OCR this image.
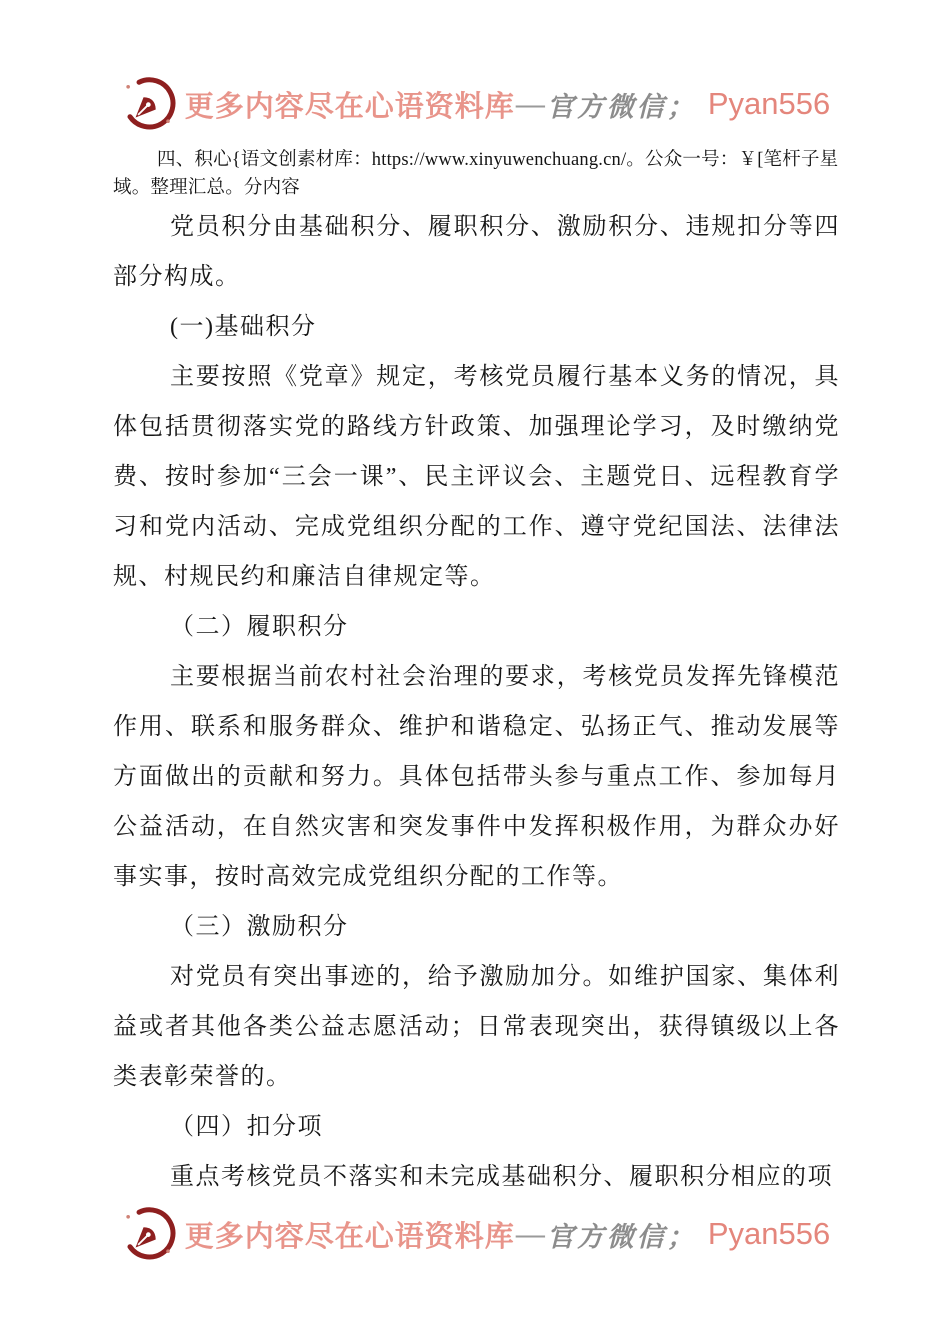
更多内容尽在心语资料库 — 官方微信； Pyan556

四、积心{语文创素材库：https://www.xinyuwenchuang.cn/。公众一号：￥[笔杆子星域。整理汇总。分内容

党员积分由基础积分、履职积分、激励积分、违规扣分等四部分构成。

(一)基础积分

主要按照《党章》规定，考核党员履行基本义务的情况，具体包括贯彻落实党的路线方针政策、加强理论学习，及时缴纳党费、按时参加“三会一课”、民主评议会、主题党日、远程教育学习和党内活动、完成党组织分配的工作、遵守党纪国法、法律法规、村规民约和廉洁自律规定等。

（二）履职积分

主要根据当前农村社会治理的要求，考核党员发挥先锋模范作用、联系和服务群众、维护和谐稳定、弘扬正气、推动发展等方面做出的贡献和努力。具体包括带头参与重点工作、参加每月公益活动，在自然灾害和突发事件中发挥积极作用，为群众办好事实事，按时高效完成党组织分配的工作等。

（三）激励积分

对党员有突出事迹的，给予激励加分。如维护国家、集体利益或者其他各类公益志愿活动；日常表现突出，获得镇级以上各类表彰荣誉的。

（四）扣分项

重点考核党员不落实和未完成基础积分、履职积分相应的项

更多内容尽在心语资料库 — 官方微信； Pyan556
